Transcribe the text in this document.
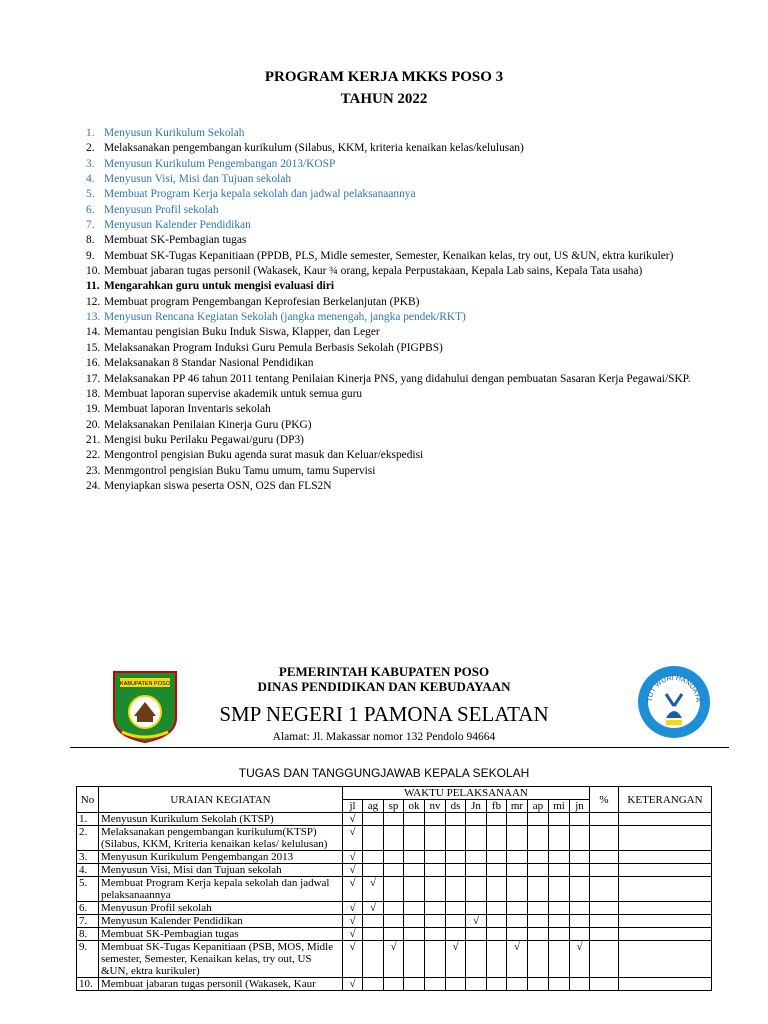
PROGRAM KERJA MKKS POSO 3
TAHUN 2022
1. Menyusun Kurikulum Sekolah
2. Melaksanakan pengembangan kurikulum (Silabus, KKM, kriteria kenaikan kelas/kelulusan)
3. Menyusun Kurikulum Pengembangan 2013/KOSP
4. Menyusun Visi, Misi dan Tujuan sekolah
5. Membuat Program Kerja kepala sekolah dan jadwal pelaksanaannya
6. Menyusun Profil sekolah
7. Menyusun Kalender Pendidikan
8. Membuat SK-Pembagian tugas
9. Membuat SK-Tugas Kepanitiaan (PPDB, PLS, Midle semester, Semester, Kenaikan kelas, try out, US &UN, ektra kurikuler)
10. Membuat jabaran tugas personil (Wakasek, Kaur ¾ orang, kepala Perpustakaan, Kepala Lab sains, Kepala Tata usaha)
11. Mengarahkan guru untuk mengisi evaluasi diri
12. Membuat program Pengembangan Keprofesian Berkelanjutan (PKB)
13. Menyusun Rencana Kegiatan Sekolah (jangka menengah, jangka pendek/RKT)
14. Memantau pengisian Buku Induk Siswa, Klapper, dan Leger
15. Melaksanakan Program Induksi Guru Pemula Berbasis Sekolah (PIGPBS)
16. Melaksanakan 8 Standar Nasional Pendidikan
17. Melaksanakan PP 46 tahun 2011 tentang Penilaian Kinerja PNS, yang didahului dengan pembuatan Sasaran Kerja Pegawai/SKP.
18. Membuat laporan supervise akademik untuk semua guru
19. Membuat laporan Inventaris sekolah
20. Melaksanakan Penilaian Kinerja Guru (PKG)
21. Mengisi buku Perilaku Pegawai/guru (DP3)
22. Mengontrol pengisian Buku agenda surat masuk dan Keluar/ekspedisi
23. Menmgontrol pengisian Buku Tamu umum, tamu Supervisi
24. Menyiapkan siswa peserta OSN, O2S dan FLS2N
KABUPATEN POSO
TUT WURI HANDAYA
PEMERINTAH KABUPATEN POSO
DINAS PENDIDIKAN DAN KEBUDAYAAN
SMP NEGERI 1 PAMONA SELATAN
Alamat: Jl. Makassar nomor 132 Pendolo 94664
TUGAS DAN TANGGUNGJAWAB KEPALA SEKOLAH
No	URAIAN KEGIATAN	WAKTU PELAKSANAAN												%	KETERANGAN
		jl	ag	sp	ok	nv	ds	Jn	fb	mr	ap	mi	jn		
1.	Menyusun Kurikulum Sekolah (KTSP)	√													
2.	Melaksanakan pengembangan kurikulum(KTSP) (Silabus, KKM, Kriteria kenaikan kelas/ kelulusan)	√													
3.	Menyusun Kurikulum Pengembangan 2013	√													
4.	Menyusun Visi, Misi dan Tujuan sekolah	√													
5.	Membuat Program Kerja kepala sekolah dan jadwal pelaksanaannya	√	√												
6.	Menyusun Profil sekolah	√	√												
7.	Menyusun Kalender Pendidikan	√						√							
8.	Membuat SK-Pembagian tugas	√													
9.	Membuat SK-Tugas Kepanitiaan (PSB, MOS, Midle semester, Semester, Kenaikan kelas, try out, US &UN, ektra kurikuler)	√		√			√			√			√		
10.	Membuat jabaran tugas personil (Wakasek, Kaur	√													
